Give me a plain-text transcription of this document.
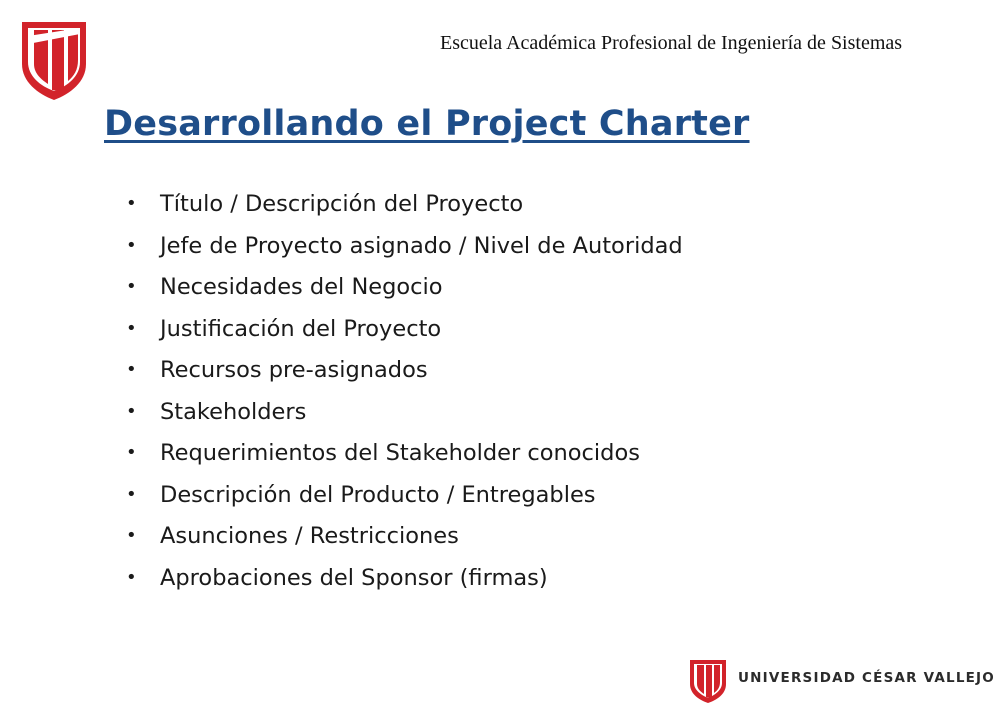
Escuela Académica Profesional de Ingeniería de Sistemas
Desarrollando el Project Charter
• Título / Descripción del Proyecto
• Jefe de Proyecto asignado / Nivel de Autoridad
• Necesidades del Negocio
• Justificación del Proyecto
• Recursos pre-asignados
• Stakeholders
• Requerimientos del Stakeholder conocidos
• Descripción del Producto / Entregables
• Asunciones / Restricciones
• Aprobaciones del Sponsor (firmas)
UNIVERSIDAD CÉSAR VALLEJO
